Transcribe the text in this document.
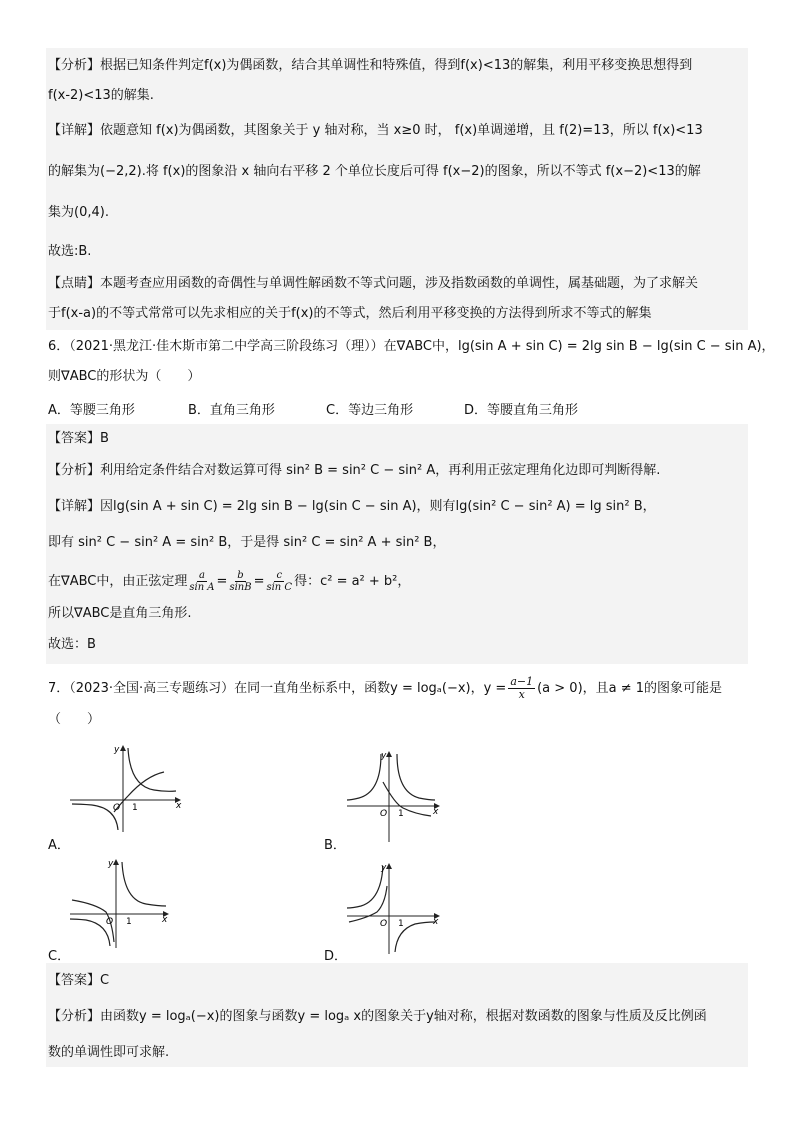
【分析】根据已知条件判定f(x)为偶函数，结合其单调性和特殊值，得到f(x)<13的解集，利用平移变换思想得到
f(x-2)<13的解集.
【详解】依题意知 f(x)为偶函数，其图象关于 y 轴对称，当 x≥0 时， f(x)单调递增，且 f(2)=13，所以 f(x)<13
的解集为(−2,2).将 f(x)的图象沿 x 轴向右平移 2 个单位长度后可得 f(x−2)的图象，所以不等式 f(x−2)<13的解
集为(0,4).
故选:B.
【点睛】本题考查应用函数的奇偶性与单调性解函数不等式问题，涉及指数函数的单调性，属基础题，为了求解关
于f(x-a)的不等式常常可以先求相应的关于f(x)的不等式，然后利用平移变换的方法得到所求不等式的解集
6．（2021·黑龙江·佳木斯市第二中学高三阶段练习（理））在∇ABC中，lg(sin A + sin C) = 2lg sin B − lg(sin C − sin A)，
则∇ABC的形状为（　　）
A．等腰三角形	B．直角三角形	C．等边三角形	D．等腰直角三角形
【答案】B
【分析】利用给定条件结合对数运算可得 sin² B = sin² C − sin² A，再利用正弦定理角化边即可判断得解.
【详解】因lg(sin A + sin C) = 2lg sin B − lg(sin C − sin A)，则有lg(sin² C − sin² A) = lg sin² B，
即有 sin² C − sin² A = sin² B，于是得 sin² C = sin² A + sin² B，
在∇ABC中，由正弦定理 $\frac{a}{\text{sin A}} = \frac{b}{\sin B} = \frac{c}{\text{sin C}}$ 得：c² = a² + b²，
所以∇ABC是直角三角形.
故选：B
7．（2023·全国·高三专题练习）在同一直角坐标系中，函数y = logₐ(−x)，$y = \frac{a-1}{x} (a > 0)$，且a ≠ 1的图象可能是
（　　）
x
y
O 1
A．
x
y
O 1
B．
x
y
O 1
C．
x
y
O 1
D．
【答案】C
【分析】由函数y = logₐ(−x)的图象与函数y = logₐ x的图象关于y轴对称，根据对数函数的图象与性质及反比例函
数的单调性即可求解.
